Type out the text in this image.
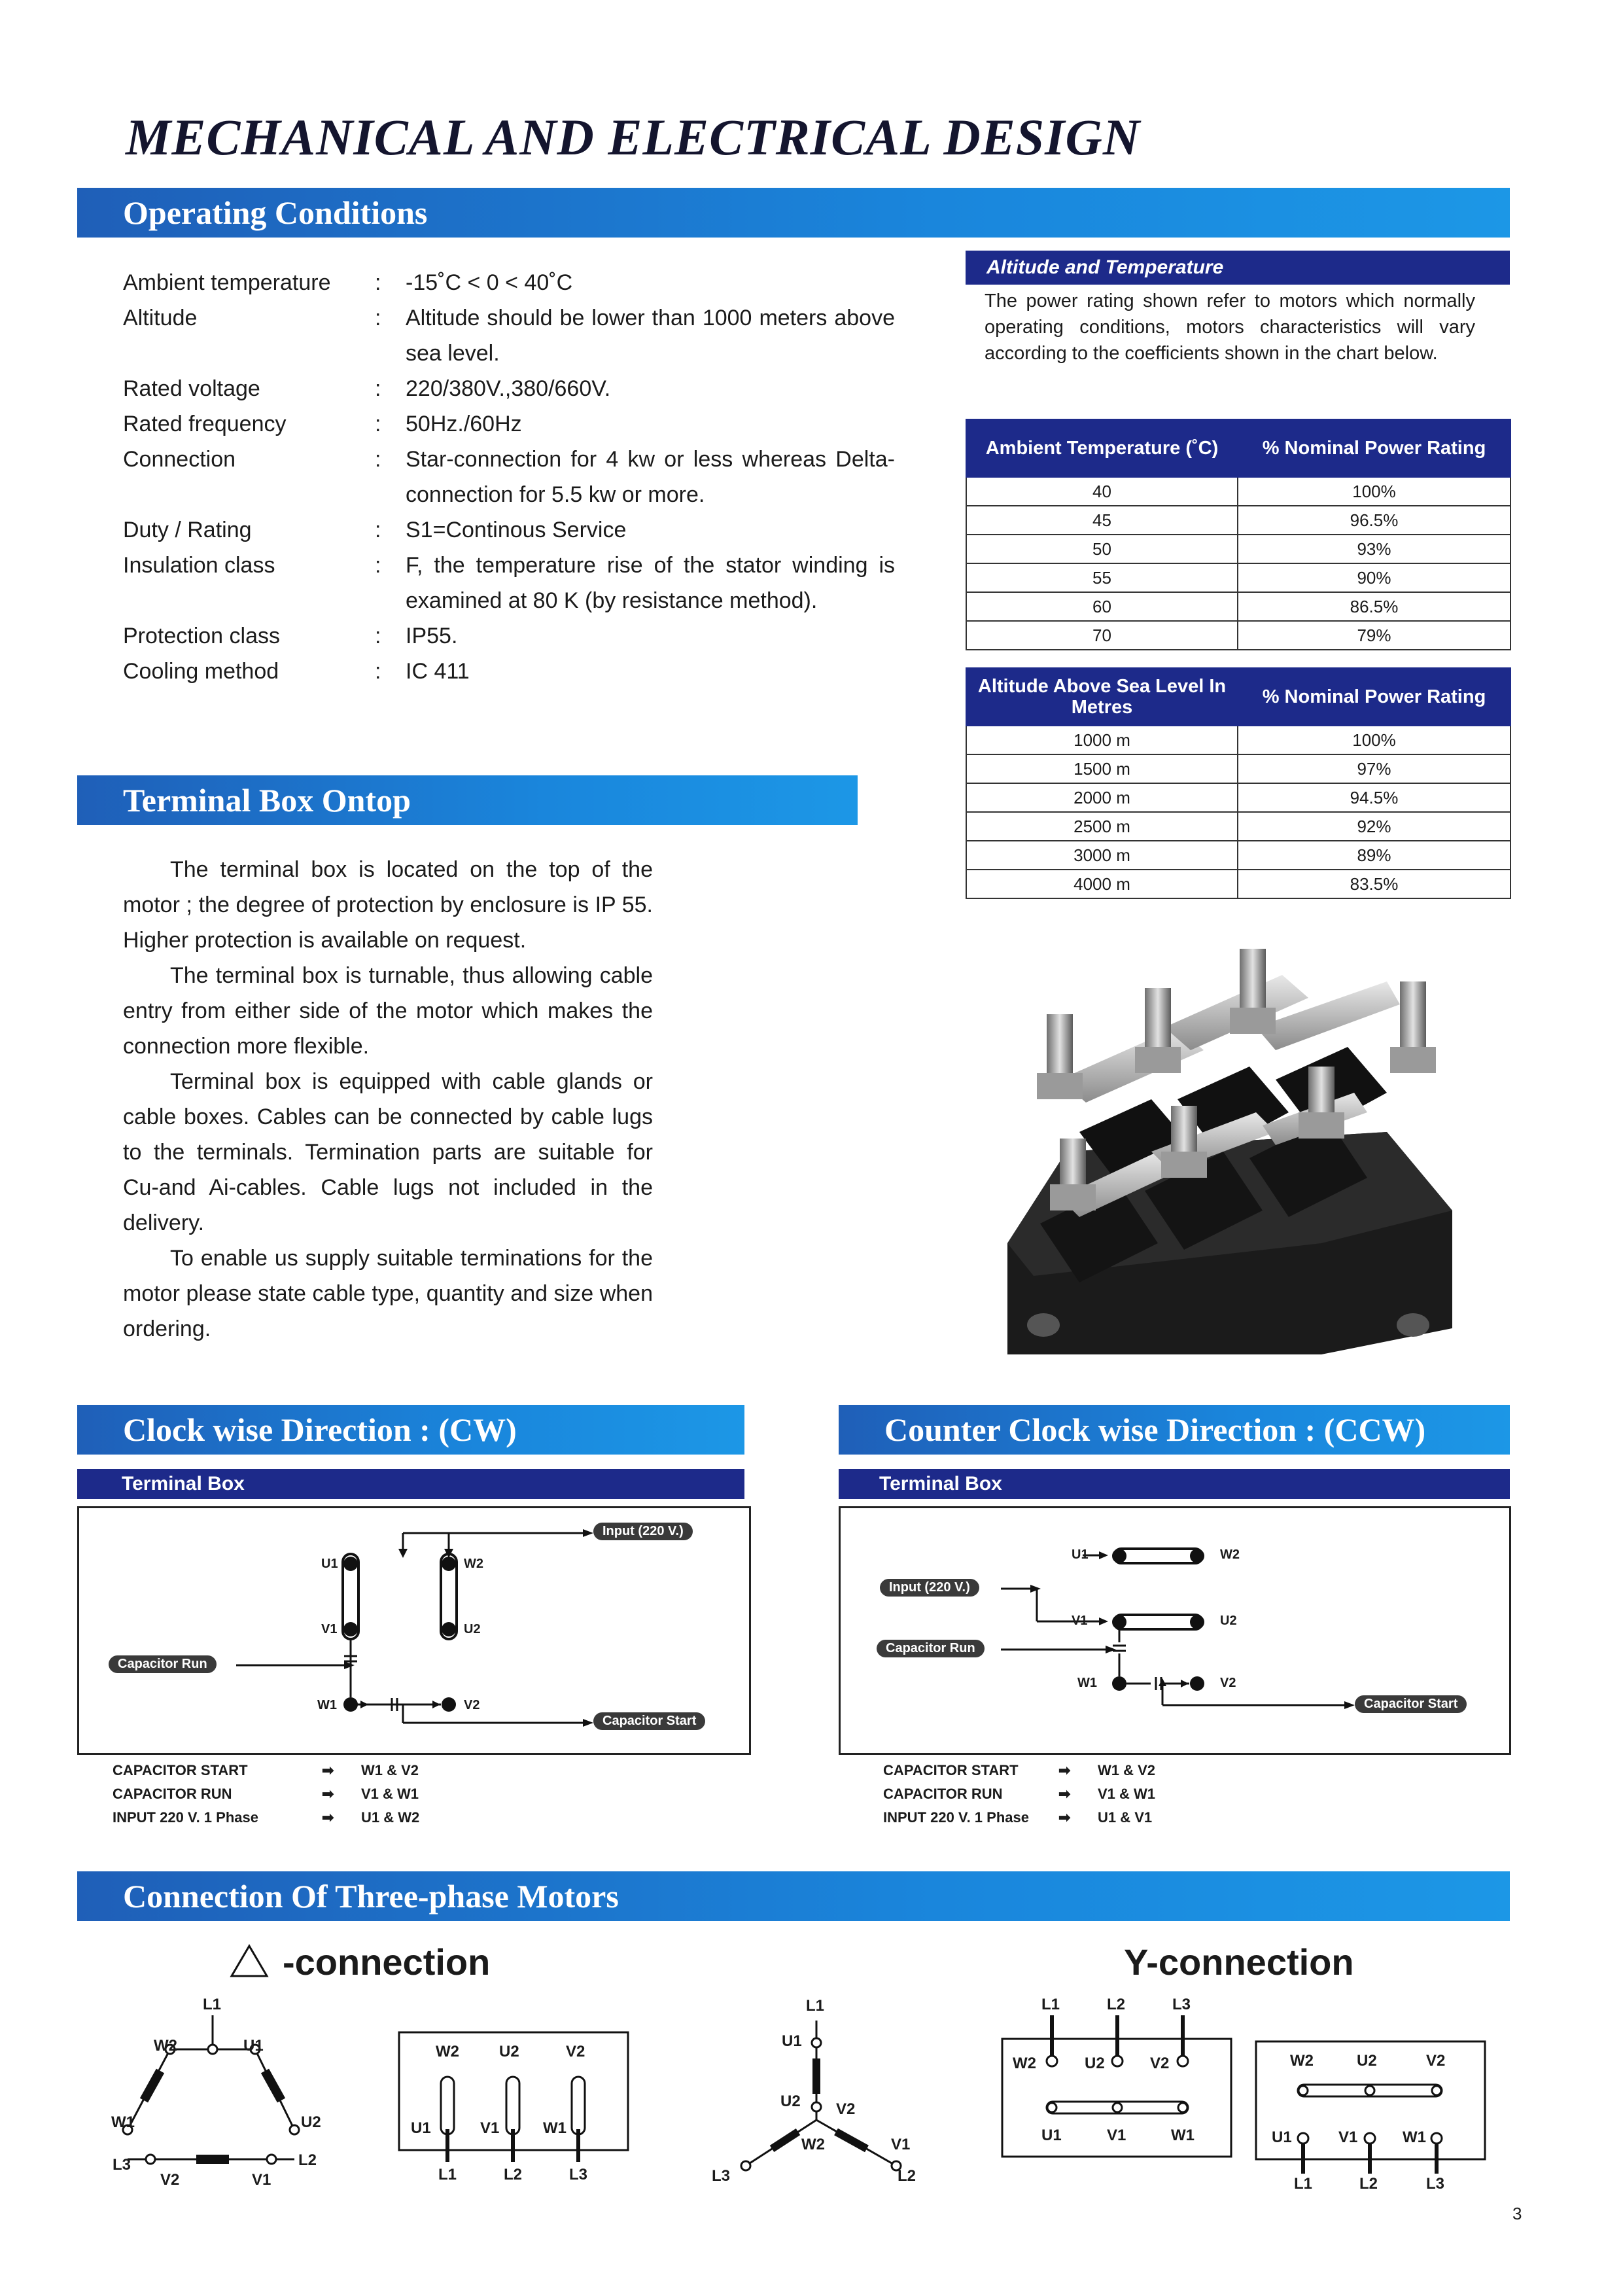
MECHANICAL AND ELECTRICAL DESIGN
Operating Conditions
Ambient temperature	:	-15˚C < 0 < 40˚C
Altitude	:	Altitude should be lower than 1000 meters above sea level.
Rated voltage	:	220/380V.,380/660V.
Rated frequency	:	50Hz./60Hz
Connection	:	Star-connection for 4 kw or less whereas Delta-connection for 5.5 kw or more.
Duty / Rating	:	S1=Continous Service
Insulation class	:	F, the temperature rise of the stator winding is examined at 80 K (by resistance method).
Protection class	:	IP55.
Cooling method	:	IC 411
Altitude and Temperature
The power rating shown refer to motors which normally operating conditions, motors characteristics will vary according to the coefficients shown in the chart below.
Ambient Temperature (˚C)	% Nominal Power Rating
40	100%
45	96.5%
50	93%
55	90%
60	86.5%
70	79%
Altitude Above Sea Level In Metres	% Nominal Power Rating
1000 m	100%
1500 m	97%
2000 m	94.5%
2500 m	92%
3000 m	89%
4000 m	83.5%
Terminal Box Ontop

The terminal box is located on the top of the motor ; the degree of protection by enclosure is IP 55. Higher protection is available on request.

The terminal box is turnable, thus allowing cable entry from either side of the motor which makes the connection more flexible.

Terminal box is equipped with cable glands or cable boxes. Cables can be connected by cable lugs to the terminals. Termination parts are suitable for Cu-and Ai-cables. Cable lugs not included in the delivery.

To enable us supply suitable terminations for the motor please state cable type, quantity and size when ordering.

Clock wise Direction : (CW)
Terminal Box
U1
V1
W1
W2
U2
V2
Input (220 V.)
Capacitor Run
Capacitor Start
CAPACITOR START	➡	W1 & V2
CAPACITOR RUN	➡	V1 & W1
INPUT 220 V. 1 Phase	➡	U1 & W2
Counter Clock wise Direction : (CCW)
Terminal Box
U1
V1
W1
W2
U2
V2
Input (220 V.)
Capacitor Run
Capacitor Start
CAPACITOR START	➡	W1 & V2
CAPACITOR RUN	➡	V1 & W1
INPUT 220 V. 1 Phase	➡	U1 & V1
Connection Of Three-phase Motors
-connection	Y-connection
L1
W2	U1
W1	U2
L3	L2
V2	V1
W2	U2	V2
U1	V1	W1
L1	L2	L3
L1
U1
U2 V2
W2	V1
L3	L2
L1	L2	L3
W2	U2	V2
U1	V1	W1
W2	U2	V2
U1	V1	W1
L1	L2	L3
3
